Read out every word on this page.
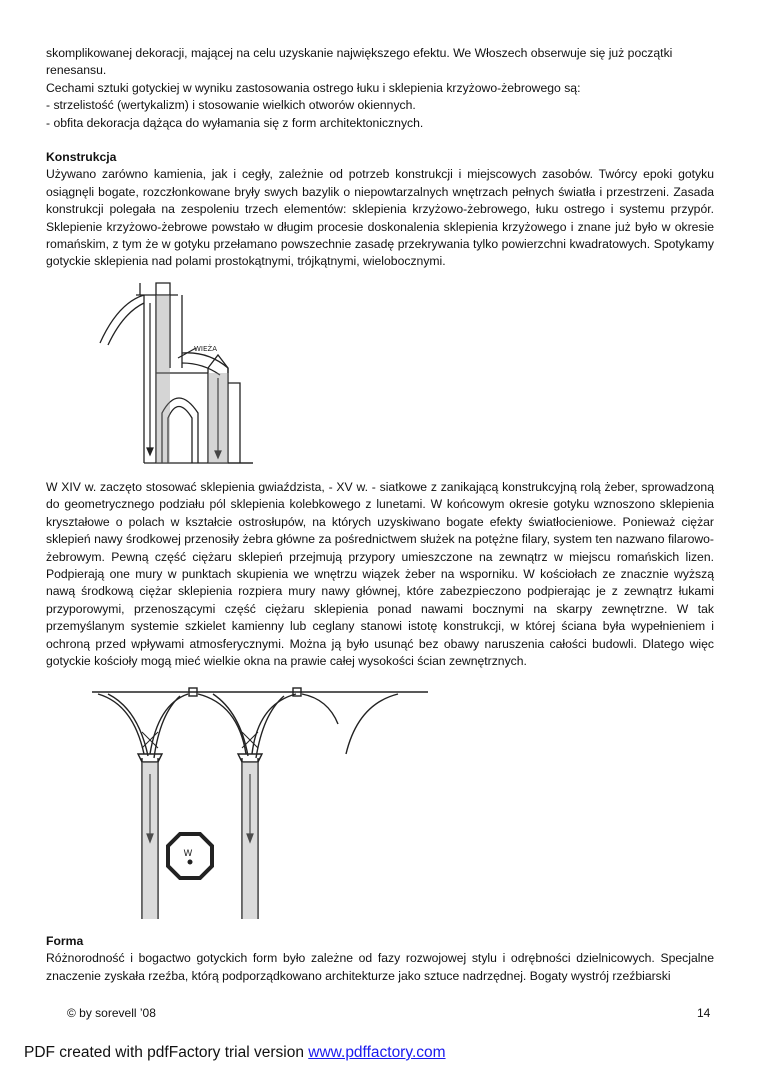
skomplikowanej dekoracji, mającej na celu uzyskanie największego efektu. We Włoszech obserwuje się już początki

renesansu.

Cechami sztuki gotyckiej w wyniku zastosowania ostrego łuku i sklepienia krzyżowo-żebrowego są:

- strzelistość (wertykalizm) i stosowanie wielkich otworów okiennych.

- obfita dekoracja dążąca do wyłamania się z form architektonicznych.

Konstrukcja

Używano zarówno kamienia, jak i cegły, zależnie od potrzeb konstrukcji i miejscowych zasobów. Twórcy epoki gotyku osiągnęli bogate, rozczłonkowane bryły swych bazylik o niepowtarzalnych wnętrzach pełnych światła i przestrzeni. Zasada konstrukcji polegała na zespoleniu trzech elementów: sklepienia krzyżowo-żebrowego, łuku ostrego i systemu przypór. Sklepienie krzyżowo-żebrowe powstało w długim procesie doskonalenia sklepienia krzyżowego i znane już było w okresie romańskim, z tym że w gotyku przełamano powszechnie zasadę przekrywania tylko powierzchni kwadratowych. Spotykamy gotyckie sklepienia nad polami prostokątnymi, trójkątnymi, wielobocznymi.

WIEŻA

W XIV w. zaczęto stosować sklepienia gwiaździsta, - XV w. - siatkowe z zanikającą konstrukcyjną rolą żeber, sprowadzoną do geometrycznego podziału pól sklepienia kolebkowego z lunetami. W końcowym okresie gotyku wznoszono sklepienia kryształowe o polach w kształcie ostrosłupów, na których uzyskiwano bogate efekty światłocieniowe. Ponieważ ciężar sklepień nawy środkowej przenosiły żebra główne za pośrednictwem służek na potężne filary, system ten nazwano filarowo-żebrowym. Pewną część ciężaru sklepień przejmują przypory umieszczone na zewnątrz w miejscu romańskich lizen. Podpierają one mury w punktach skupienia we wnętrzu wiązek żeber na wsporniku. W kościołach ze znacznie wyższą nawą środkową ciężar sklepienia rozpiera mury nawy głównej, które zabezpieczono podpierając je z zewnątrz łukami przyporowymi, przenoszącymi część ciężaru sklepienia ponad nawami bocznymi na skarpy zewnętrzne. W tak przemyślanym systemie szkielet kamienny lub ceglany stanowi istotę konstrukcji, w której ściana była wypełnieniem i ochroną przed wpływami atmosferycznymi. Można ją było usunąć bez obawy naruszenia całości budowli. Dlatego więc gotyckie kościoły mogą mieć wielkie okna na prawie całej wysokości ścian zewnętrznych.

W

Forma

Różnorodność i bogactwo gotyckich form było zależne od fazy rozwojowej stylu i odrębności dzielnicowych. Specjalne znaczenie zyskała rzeźba, którą podporządkowano architekturze jako sztuce nadrzędnej. Bogaty wystrój rzeźbiarski

© by sorevell ’08	14
PDF created with pdfFactory trial version www.pdffactory.com
